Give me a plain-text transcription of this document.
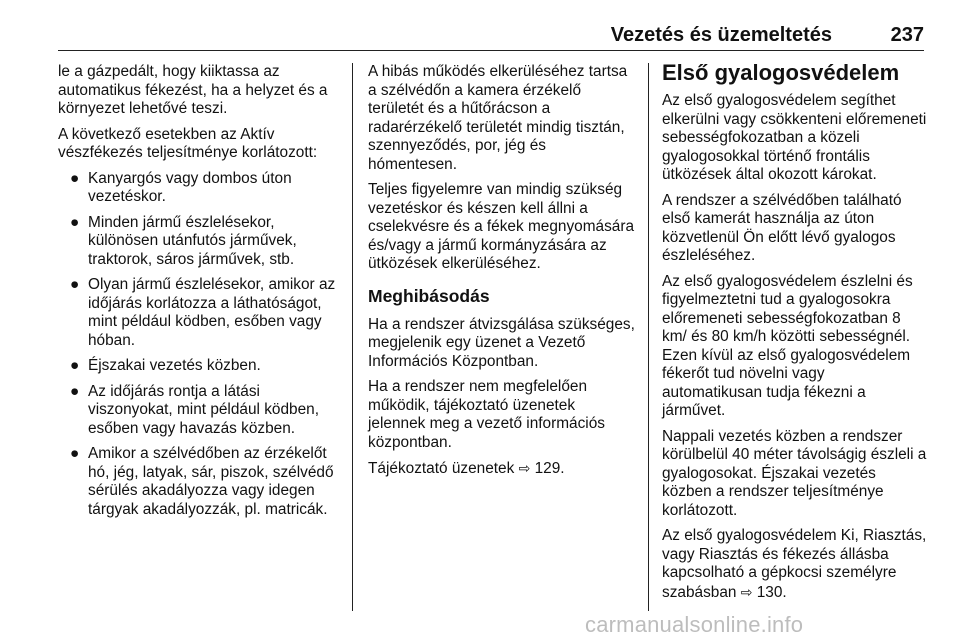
Vezetés és üzemeltetés	237

le a gázpedált, hogy kiiktassa az automatikus fékezést, ha a helyzet és a környezet lehetővé teszi.

A következő esetekben az Aktív vészfékezés teljesítménye korlátozott:

● Kanyargós vagy dombos úton vezetéskor.
● Minden jármű észlelésekor, különösen utánfutós járművek, traktorok, sáros járművek, stb.
● Olyan jármű észlelésekor, amikor az időjárás korlátozza a láthatóságot, mint például ködben, esőben vagy hóban.
● Éjszakai vezetés közben.
● Az időjárás rontja a látási viszonyokat, mint például ködben, esőben vagy havazás közben.
● Amikor a szélvédőben az érzékelőt hó, jég, latyak, sár, piszok, szélvédő sérülés akadályozza vagy idegen tárgyak akadályozzák, pl. matricák.

A hibás működés elkerüléséhez tartsa a szélvédőn a kamera érzékelő területét és a hűtőrácson a radarérzékelő területét mindig tisztán, szennyeződés, por, jég és hómentesen.

Teljes figyelemre van mindig szükség vezetéskor és készen kell állni a cselekvésre és a fékek megnyomására és/vagy a jármű kormányzására az ütközések elkerüléséhez.

Meghibásodás

Ha a rendszer átvizsgálása szükséges, megjelenik egy üzenet a Vezető Információs Központban.

Ha a rendszer nem megfelelően működik, tájékoztató üzenetek jelennek meg a vezető információs központban.

Tájékoztató üzenetek ⇨ 129.

Első gyalogosvédelem

Az első gyalogosvédelem segíthet elkerülni vagy csökkenteni előremeneti sebességfokozatban a közeli gyalogosokkal történő frontális ütközések által okozott károkat.

A rendszer a szélvédőben található első kamerát használja az úton közvetlenül Ön előtt lévő gyalogos észleléséhez.

Az első gyalogosvédelem észlelni és figyelmeztetni tud a gyalogosokra előremeneti sebességfokozatban 8 km/ és 80 km/h közötti sebességnél. Ezen kívül az első gyalogosvédelem fékerőt tud növelni vagy automatikusan tudja fékezni a járművet.

Nappali vezetés közben a rendszer körülbelül 40 méter távolságig észleli a gyalogosokat. Éjszakai vezetés közben a rendszer teljesítménye korlátozott.

Az első gyalogosvédelem Ki, Riasztás, vagy Riasztás és fékezés állásba kapcsolható a gépkocsi személyre szabásban ⇨ 130.

carmanualsonline.info
